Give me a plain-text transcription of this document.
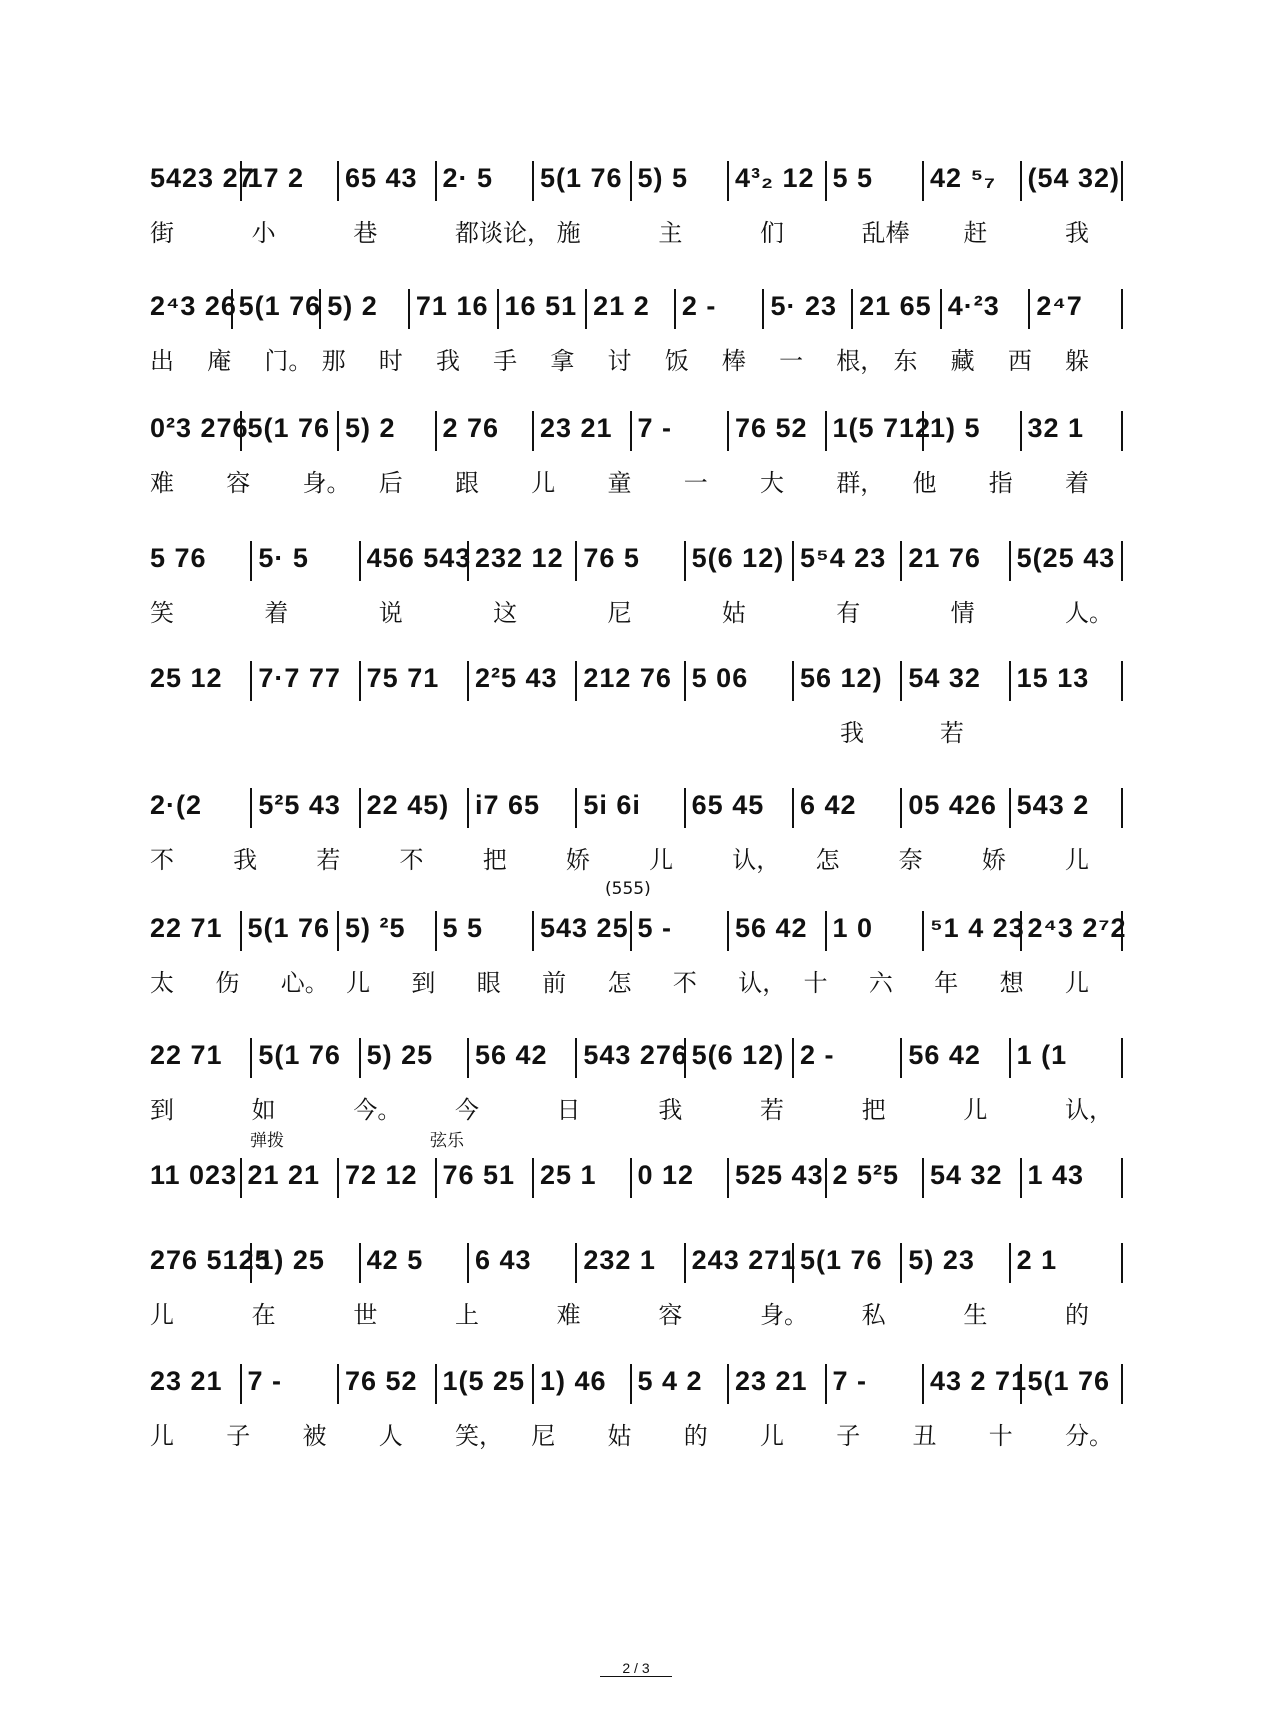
5423 27
17 2 65 43 2· 5 5(1 76 5) 5 4³₂ 12 5 5 42 ⁵₇ (54 32)
街	小	巷	都谈论， 施	主	们	乱棒 赶	我
2⁴3 26 5(1 76 5) 2 71 16 16 51 21 2 2 - 5· 23 21 65 4·²3 2⁴7
出 庵 门。 那 时 我 手 拿 讨 饭 棒 一 根， 东 藏 西 躲
0²3 276
5(1 76 5) 2 2 76 23 21 7 - 76 52 1(5 712
1) 5 32 1
难 容 身。 后 跟 儿 童 一 大 群， 他 指 着
5 76 5· 5 456 543 232 12 76 5 5(6 12) 5⁵4 23 21 76 5(25 43
笑	着	说	这	尼	姑	有	情	人。
25 12 7·7 77 75 71 2²5 43 212 76 5 06 56 12) 54 32 15 13
我	若
2·(2 5²5 43 22 45) i7 65 5i 6i 65 45 6 42 05 426 543 2
不 我 若 不 把 娇 儿 认， 怎 奈 娇 儿
(555)
22 71 5(1 76 5) ²5 5 5 543 25 5 - 56 42 1 0 ⁵1 4 23 2⁴3 2⁷2
太 伤 心。 儿 到 眼 前 怎 不 认， 十 六 年 想 儿
22 71 5(1 76 5) 25 56 42 543 276 5(6 12) 2 -	56 42 1 (1
到	如	今。 今	日	我	若	把	儿	认，
弹拨	弦乐
11 023 21 21 72 12 76 51 25 1 0 12 525 43 2 5²5 54 32 1 43
276 5125
1) 25 42 5 6 43 232 1 243 271 5(1 76 5) 23 2 1
儿	在	世	上	难	容	身。 私	生	的
23 21 7 - 76 52 1(5 25 1) 46 5 4 2 23 21 7 - 43 2 71 5(1 76
儿 子 被 人 笑， 尼 姑 的 儿 子 丑 十 分。
2 / 3
